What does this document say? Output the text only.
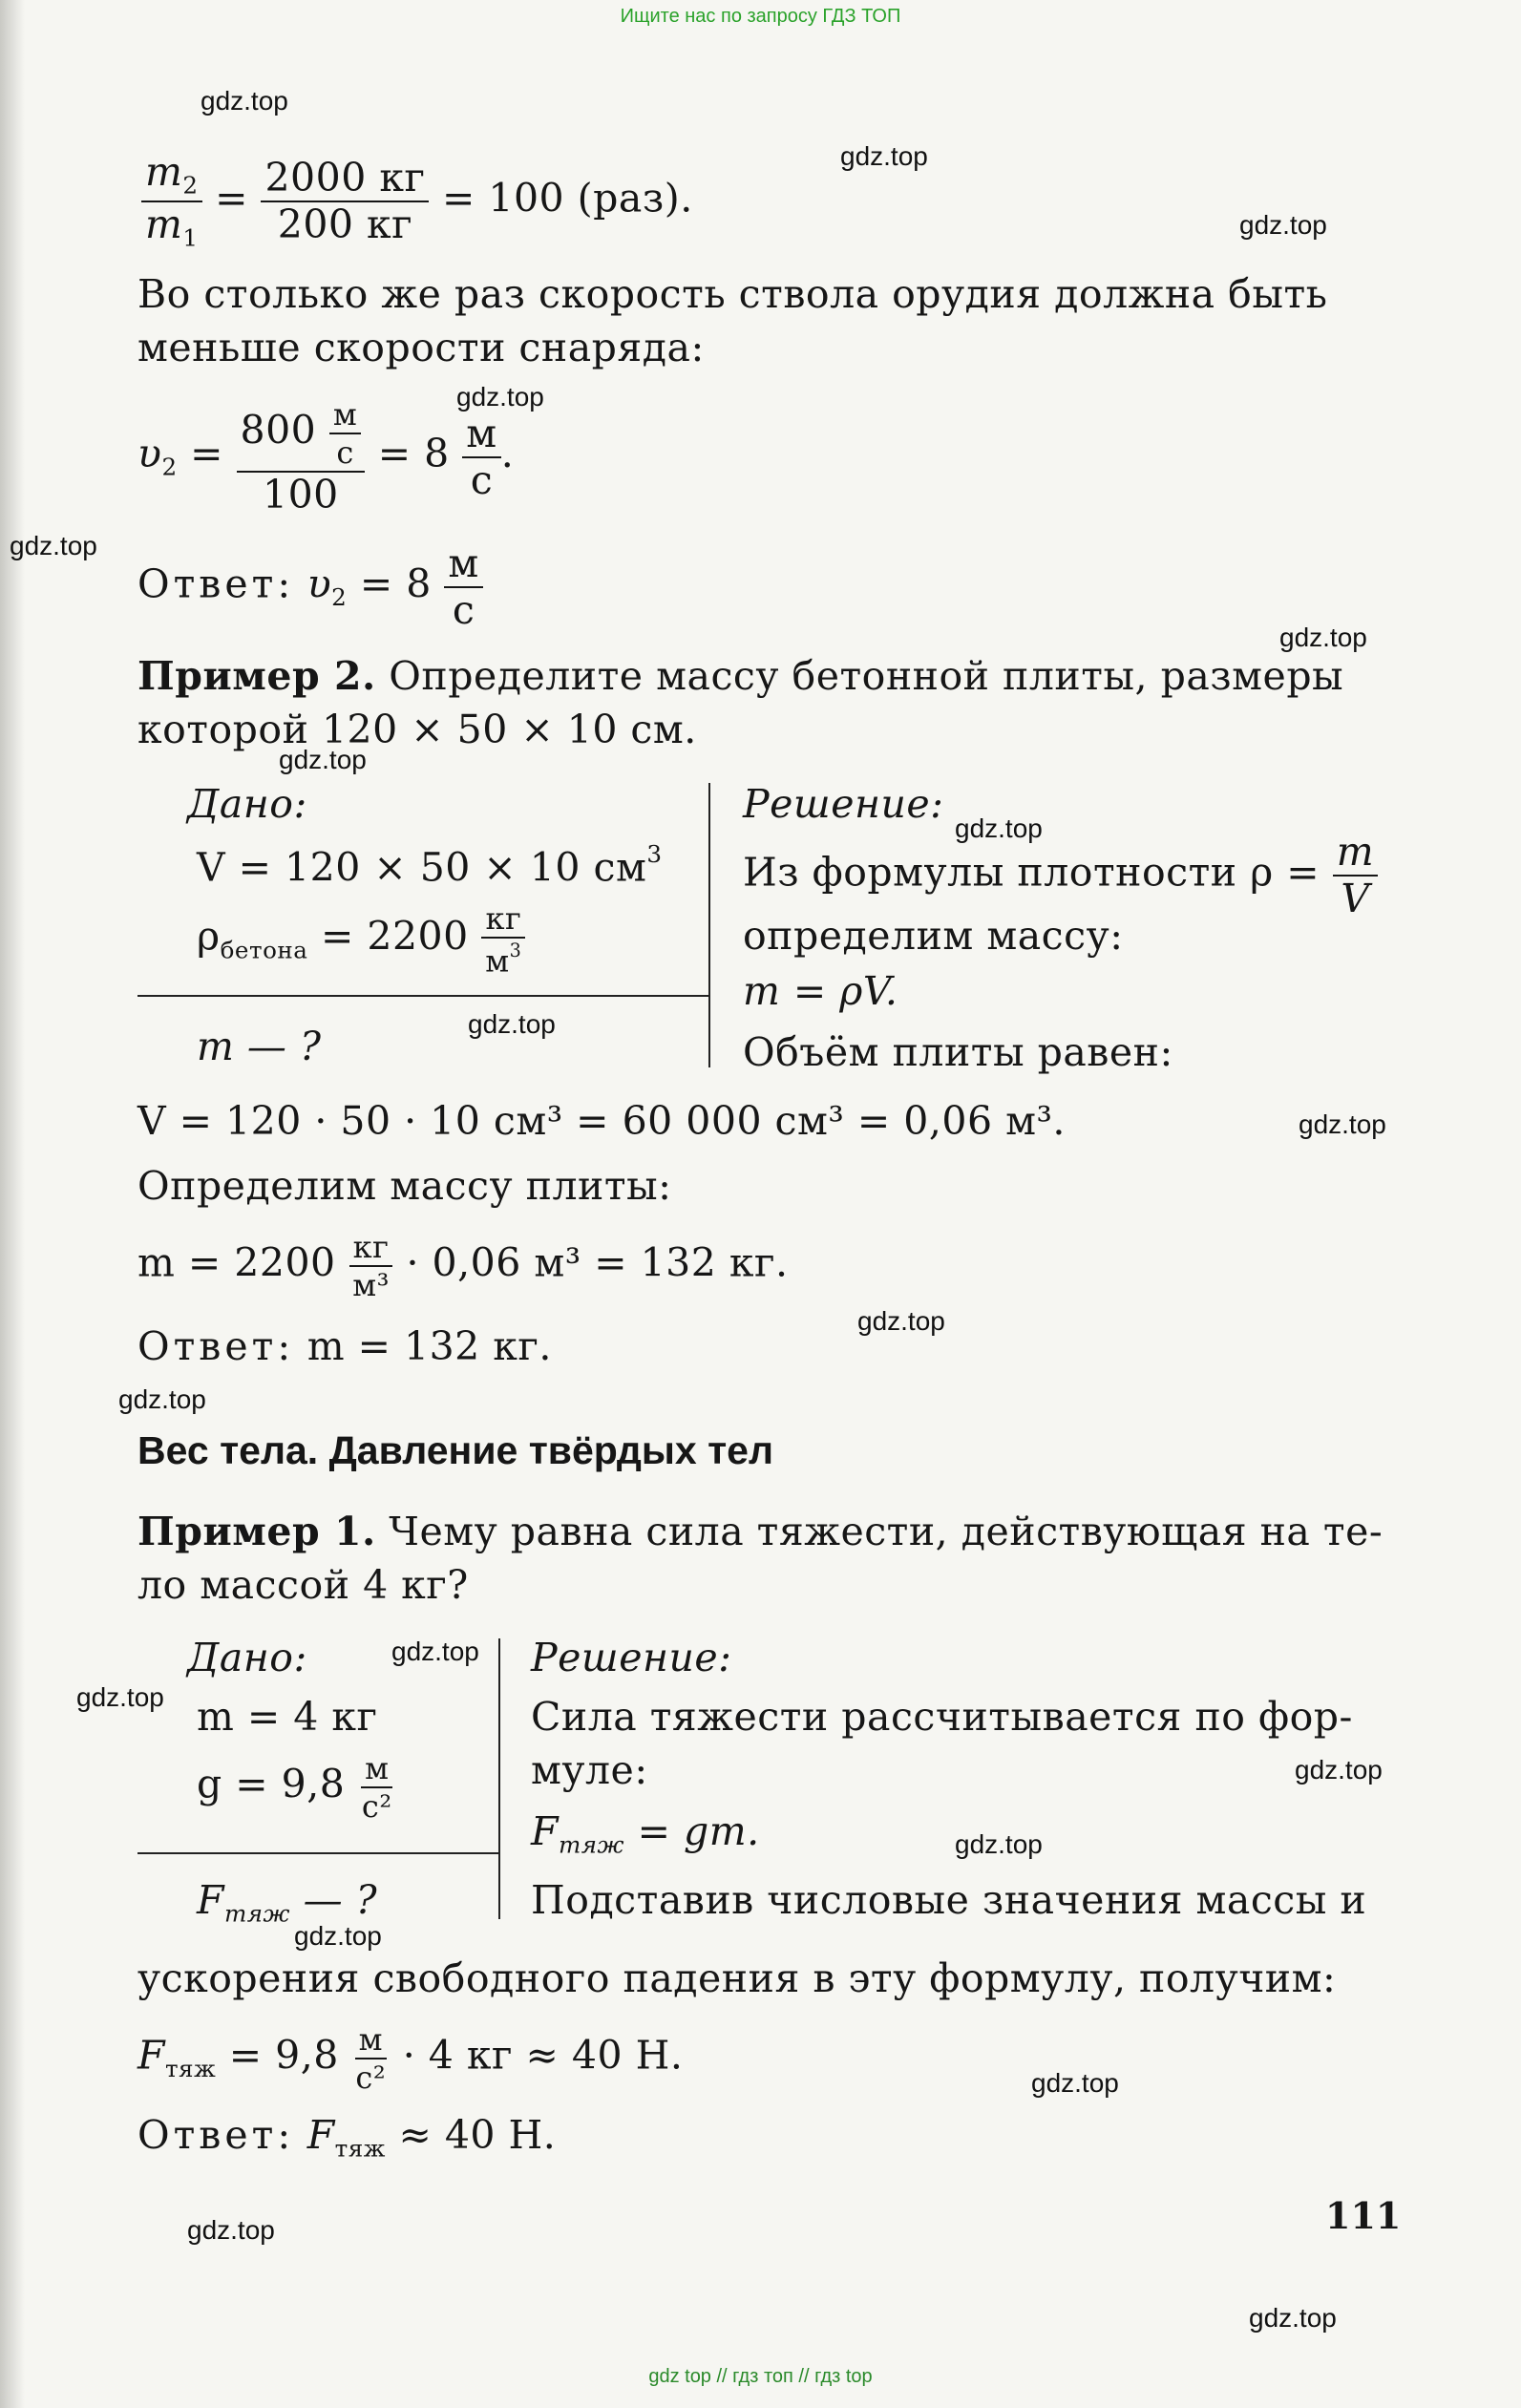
Ищите нас по запросу ГДЗ ТОП
gdz.top
gdz.top
gdz.top
gdz.top
gdz.top
gdz.top
gdz.top
gdz.top
gdz.top
gdz.top
gdz.top
gdz.top
gdz.top
gdz.top
gdz.top
gdz.top
gdz.top
gdz.top
gdz.top
gdz.top
$\frac{m_2}{m_1} = \frac{2000 кг}{200 кг} = 100$ (раз).
Во столько же раз скорость ствола орудия должна быть
меньше скорости снаряда:
$\upsilon_2 = \frac{800 \frac{м}{с}}{100} = 8 \frac{м}{с}$ .
Ответ: $\upsilon_2 = 8 \frac{м}{с}$
Пример 2. Определите массу бетонной плиты, размеры
которой 120 × 50 × 10 см.
Дано:
V = 120 × 50 × 10 $см^3$
$\rho_{бетона} = 2200 \frac{кг}{м^3}$
m — ?
Решение:
Из формулы плотности $\rho = \frac{m}{V}$
определим массу:
m = ρV.
Объём плиты равен:
V = 120 · 50 · 10 см³ = 60 000 см³ = 0,06 м³.
Определим массу плиты:
$m = 2200 \frac{кг}{\text{м³}} \cdot 0,06$ м³ = 132 кг.
Ответ: m = 132 кг.
Вес тела. Давление твёрдых тел
Пример 1. Чему равна сила тяжести, действующая на те-
ло массой 4 кг?
Дано:
m = 4 кг
$g = 9,8 \frac{м}{\text{с²}}$
$F_{тяж}$ — ?
Решение:
Сила тяжести рассчитывается по фор-
муле:
$F_{тяж}$ = gm.
Подставив числовые значения массы и
ускорения свободного падения в эту формулу, получим:
$F_{тяж} = 9,8 \frac{м}{\text{с²}} \cdot 4$ кг ≈ 40 Н.
Ответ: $F_{тяж} \approx 40$ Н.
111
gdz top // гдз топ // гдз top
